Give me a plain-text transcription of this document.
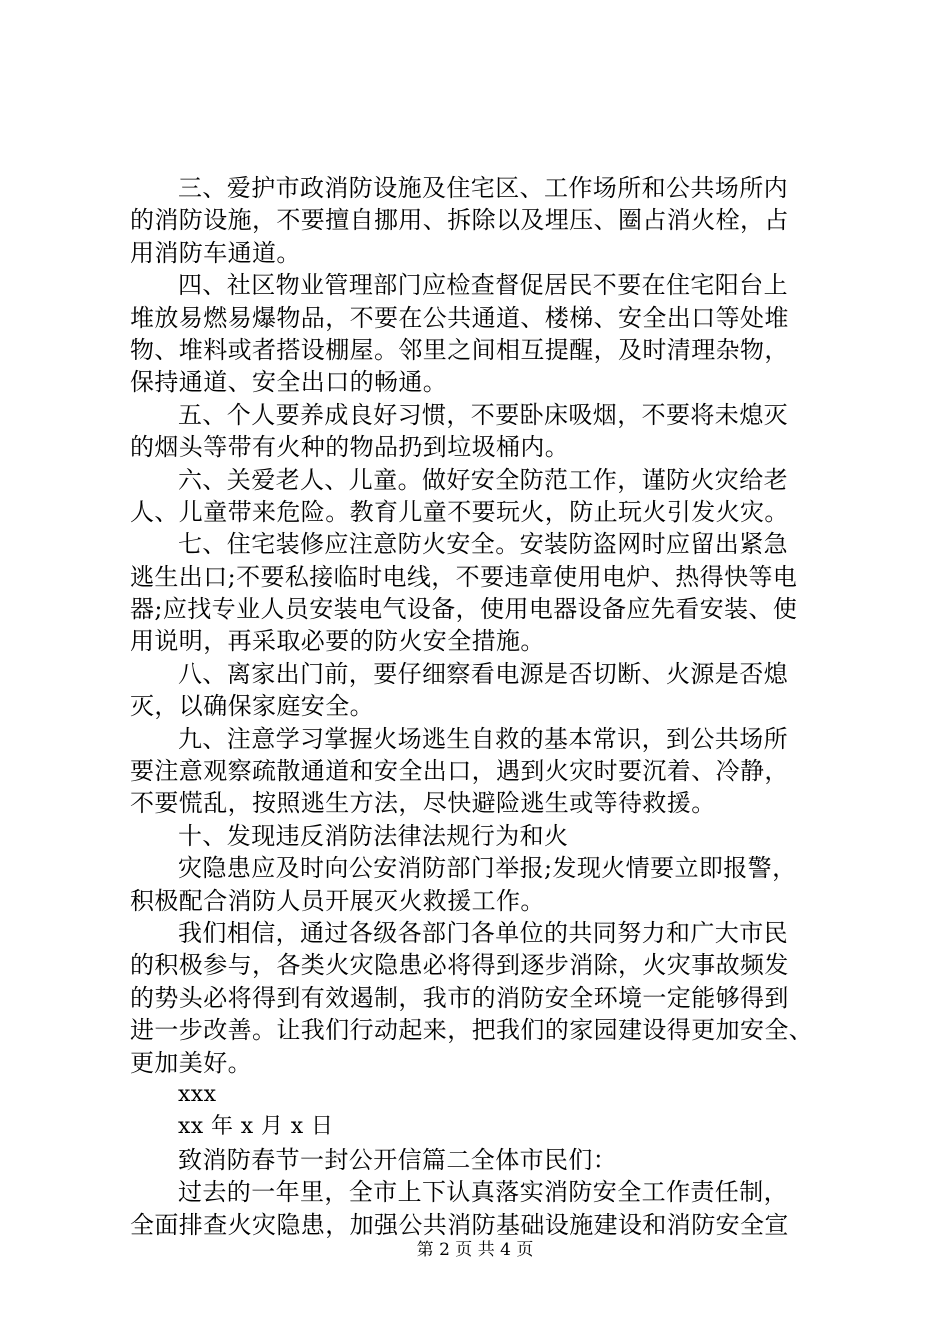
三、爱护市政消防设施及住宅区、工作场所和公共场所内
的消防设施，不要擅自挪用、拆除以及埋压、圈占消火栓，占
用消防车通道。
四、社区物业管理部门应检查督促居民不要在住宅阳台上
堆放易燃易爆物品，不要在公共通道、楼梯、安全出口等处堆
物、堆料或者搭设棚屋。邻里之间相互提醒，及时清理杂物，
保持通道、安全出口的畅通。
五、个人要养成良好习惯，不要卧床吸烟，不要将未熄灭
的烟头等带有火种的物品扔到垃圾桶内。
六、关爱老人、儿童。做好安全防范工作，谨防火灾给老
人、儿童带来危险。教育儿童不要玩火，防止玩火引发火灾。
七、住宅装修应注意防火安全。安装防盗网时应留出紧急
逃生出口;不要私接临时电线，不要违章使用电炉、热得快等电
器;应找专业人员安装电气设备，使用电器设备应先看安装、使
用说明，再采取必要的防火安全措施。
八、离家出门前，要仔细察看电源是否切断、火源是否熄
灭，以确保家庭安全。
九、注意学习掌握火场逃生自救的基本常识，到公共场所
要注意观察疏散通道和安全出口，遇到火灾时要沉着、冷静，
不要慌乱，按照逃生方法，尽快避险逃生或等待救援。
十、发现违反消防法律法规行为和火
灾隐患应及时向公安消防部门举报;发现火情要立即报警，
积极配合消防人员开展灭火救援工作。
我们相信，通过各级各部门各单位的共同努力和广大市民
的积极参与，各类火灾隐患必将得到逐步消除，火灾事故频发
的势头必将得到有效遏制，我市的消防安全环境一定能够得到
进一步改善。让我们行动起来，把我们的家园建设得更加安全、
更加美好。
xxx
xx 年 x 月 x 日
致消防春节一封公开信篇二全体市民们：
过去的一年里，全市上下认真落实消防安全工作责任制，
全面排查火灾隐患，加强公共消防基础设施建设和消防安全宣
第 2 页 共 4 页
